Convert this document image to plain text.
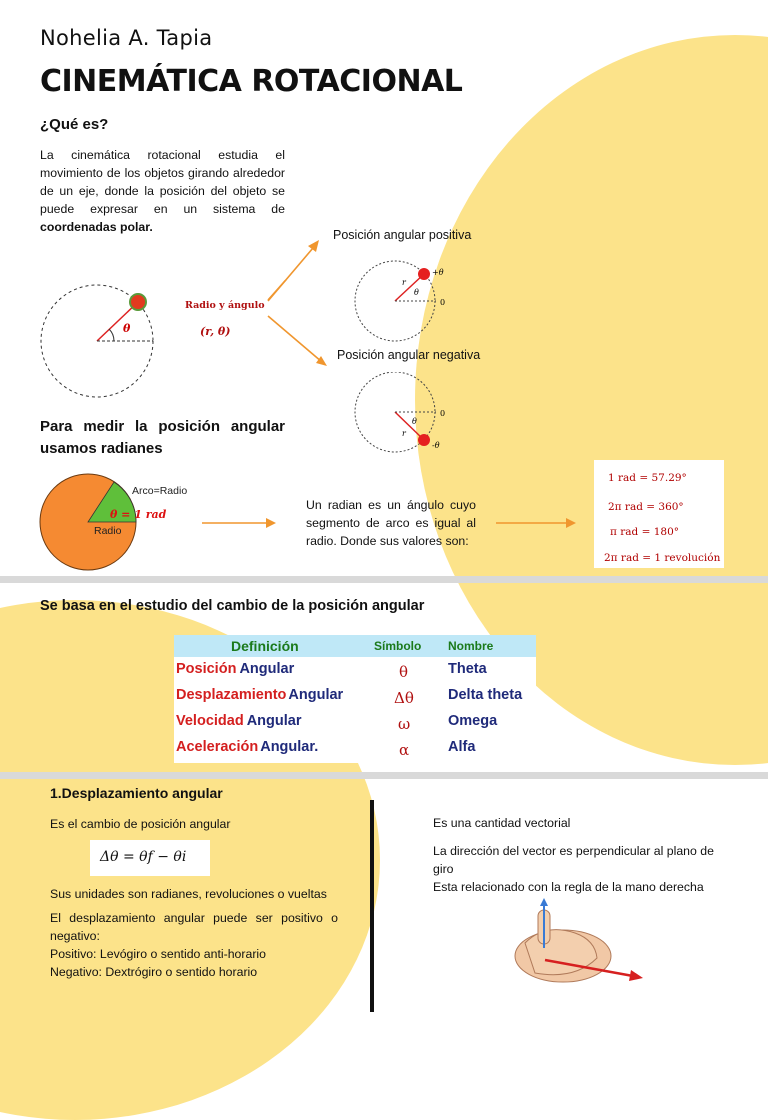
Nohelia A. Tapia
CINEMÁTICA ROTACIONAL
¿Qué es?
La cinemática rotacional estudia el movimiento de los objetos girando alrededor de un eje, donde la posición del objeto se puede expresar en un sistema de coordenadas polar.
θ
Radio y ángulo
(r, θ)
Posición angular positiva
Posición angular negativa
r
θ
+θ
0
r
θ
0
-θ
Para medir la posición angular usamos radianes
Arco=Radio
θ = 1 rad
Radio
Un radian es un ángulo cuyo segmento de arco es igual al radio. Donde sus valores son:
1 rad = 57.29°
2π rad = 360°
π rad = 180°
2π rad = 1 revolución
Se basa en el estudio del cambio de la posición angular
Definición	Símbolo Nombre
Posición Angular	θ	Theta
Desplazamiento Angular	Δθ Delta theta
Velocidad Angular	ω	Omega
Aceleración Angular.	α	Alfa
1.Desplazamiento angular
Es el cambio de posición angular
Δθ = θf − θi
Sus unidades son radianes, revoluciones o vueltas
El desplazamiento angular puede ser positivo o negativo:
Positivo: Levógiro o sentido anti-horario
Negativo: Dextrógiro o sentido horario
Es una cantidad vectorial
La dirección del vector es perpendicular al plano de giro
Esta relacionado con la regla de la mano derecha
